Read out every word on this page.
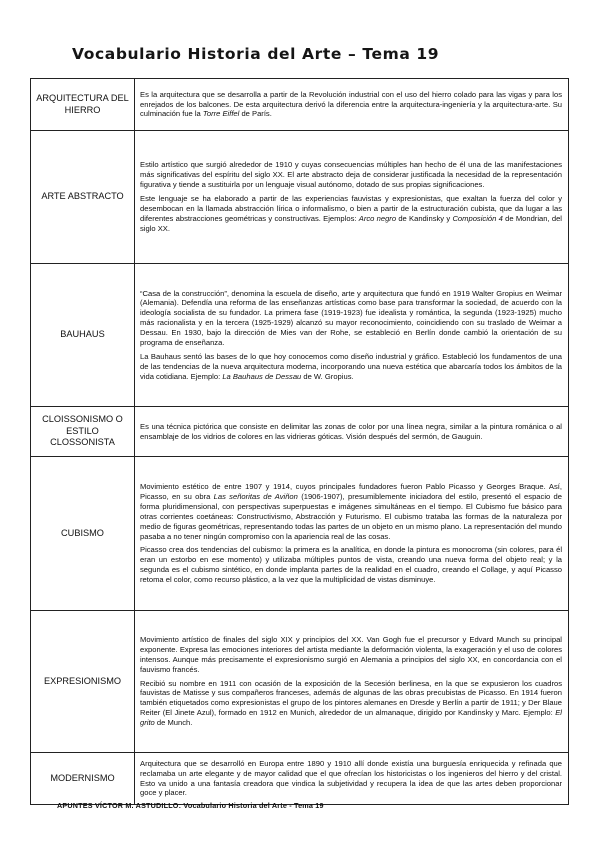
Vocabulario Historia del Arte – Tema 19
ARQUITECTURA DEL HIERRO	Es la arquitectura que se desarrolla a partir de la Revolución industrial con el uso del hierro colado para las vigas y para los enrejados de los balcones. De esta arquitectura derivó la diferencia entre la arquitectura-ingeniería y la arquitectura-arte. Su culminación fue la Torre Eiffel de París.

ARTE ABSTRACTO	Estilo artístico que surgió alrededor de 1910 y cuyas consecuencias múltiples han hecho de él una de las manifestaciones más significativas del espíritu del siglo XX. El arte abstracto deja de considerar justificada la necesidad de la representación figurativa y tiende a sustituirla por un lenguaje visual autónomo, dotado de sus propias significaciones.

Este lenguaje se ha elaborado a partir de las experiencias fauvistas y expresionistas, que exaltan la fuerza del color y desembocan en la llamada abstracción lírica o informalismo, o bien a partir de la estructuración cubista, que da lugar a las diferentes abstracciones geométricas y constructivas. Ejemplos: Arco negro de Kandinsky y Composición 4 de Mondrian, del siglo XX.

BAUHAUS	“Casa de la construcción”, denomina la escuela de diseño, arte y arquitectura que fundó en 1919 Walter Gropius en Weimar (Alemania). Defendía una reforma de las enseñanzas artísticas como base para transformar la sociedad, de acuerdo con la ideología socialista de su fundador. La primera fase (1919-1923) fue idealista y romántica, la segunda (1923-1925) mucho más racionalista y en la tercera (1925-1929) alcanzó su mayor reconocimiento, coincidiendo con su traslado de Weimar a Dessau. En 1930, bajo la dirección de Mies van der Rohe, se estableció en Berlín donde cambió la orientación de su programa de enseñanza.

La Bauhaus sentó las bases de lo que hoy conocemos como diseño industrial y gráfico. Estableció los fundamentos de una de las tendencias de la nueva arquitectura moderna, incorporando una nueva estética que abarcaría todos los ámbitos de la vida cotidiana. Ejemplo: La Bauhaus de Dessau de W. Gropius.

CLOISSONISMO O ESTILO CLOSSONISTA	Es una técnica pictórica que consiste en delimitar las zonas de color por una línea negra, similar a la pintura románica o al ensamblaje de los vidrios de colores en las vidrieras góticas. Visión después del sermón, de Gauguin.

CUBISMO	Movimiento estético de entre 1907 y 1914, cuyos principales fundadores fueron Pablo Picasso y Georges Braque. Así, Picasso, en su obra Las señoritas de Aviñon (1906-1907), presumiblemente iniciadora del estilo, presentó el espacio de forma pluridimensional, con perspectivas superpuestas e imágenes simultáneas en el tiempo. El Cubismo fue básico para otras corrientes coetáneas: Constructivismo, Abstracción y Futurismo. El cubismo trataba las formas de la naturaleza por medio de figuras geométricas, representando todas las partes de un objeto en un mismo plano. La representación del mundo pasaba a no tener ningún compromiso con la apariencia real de las cosas.

Picasso crea dos tendencias del cubismo: la primera es la analítica, en donde la pintura es monocroma (sin colores, para él eran un estorbo en ese momento) y utilizaba múltiples puntos de vista, creando una nueva forma del objeto real; y la segunda es el cubismo sintético, en donde implanta partes de la realidad en el cuadro, creando el Collage, y aquí Picasso retoma el color, como recurso plástico, a la vez que la multiplicidad de vistas disminuye.

EXPRESIONISMO	Movimiento artístico de finales del siglo XIX y principios del XX. Van Gogh fue el precursor y Edvard Munch su principal exponente. Expresa las emociones interiores del artista mediante la deformación violenta, la exageración y el uso de colores intensos. Aunque más precisamente el expresionismo surgió en Alemania a principios del siglo XX, en concordancia con el fauvismo francés.

Recibió su nombre en 1911 con ocasión de la exposición de la Secesión berlinesa, en la que se expusieron los cuadros fauvistas de Matisse y sus compañeros franceses, además de algunas de las obras precubistas de Picasso. En 1914 fueron también etiquetados como expresionistas el grupo de los pintores alemanes en Dresde y Berlín a partir de 1911; y Der Blaue Reiter (El Jinete Azul), formado en 1912 en Munich, alrededor de un almanaque, dirigido por Kandinsky y Marc. Ejemplo: El grito de Munch.

MODERNISMO	Arquitectura que se desarrolló en Europa entre 1890 y 1910 allí donde existía una burguesía enriquecida y refinada que reclamaba un arte elegante y de mayor calidad que el que ofrecían los historicistas o los ingenieros del hierro y del cristal. Esto va unido a una fantasía creadora que vindica la subjetividad y recupera la idea de que las artes deben proporcionar goce y placer.

APUNTES VÍCTOR M. ASTUDILLO: Vocabulario Historia del Arte - Tema 19
